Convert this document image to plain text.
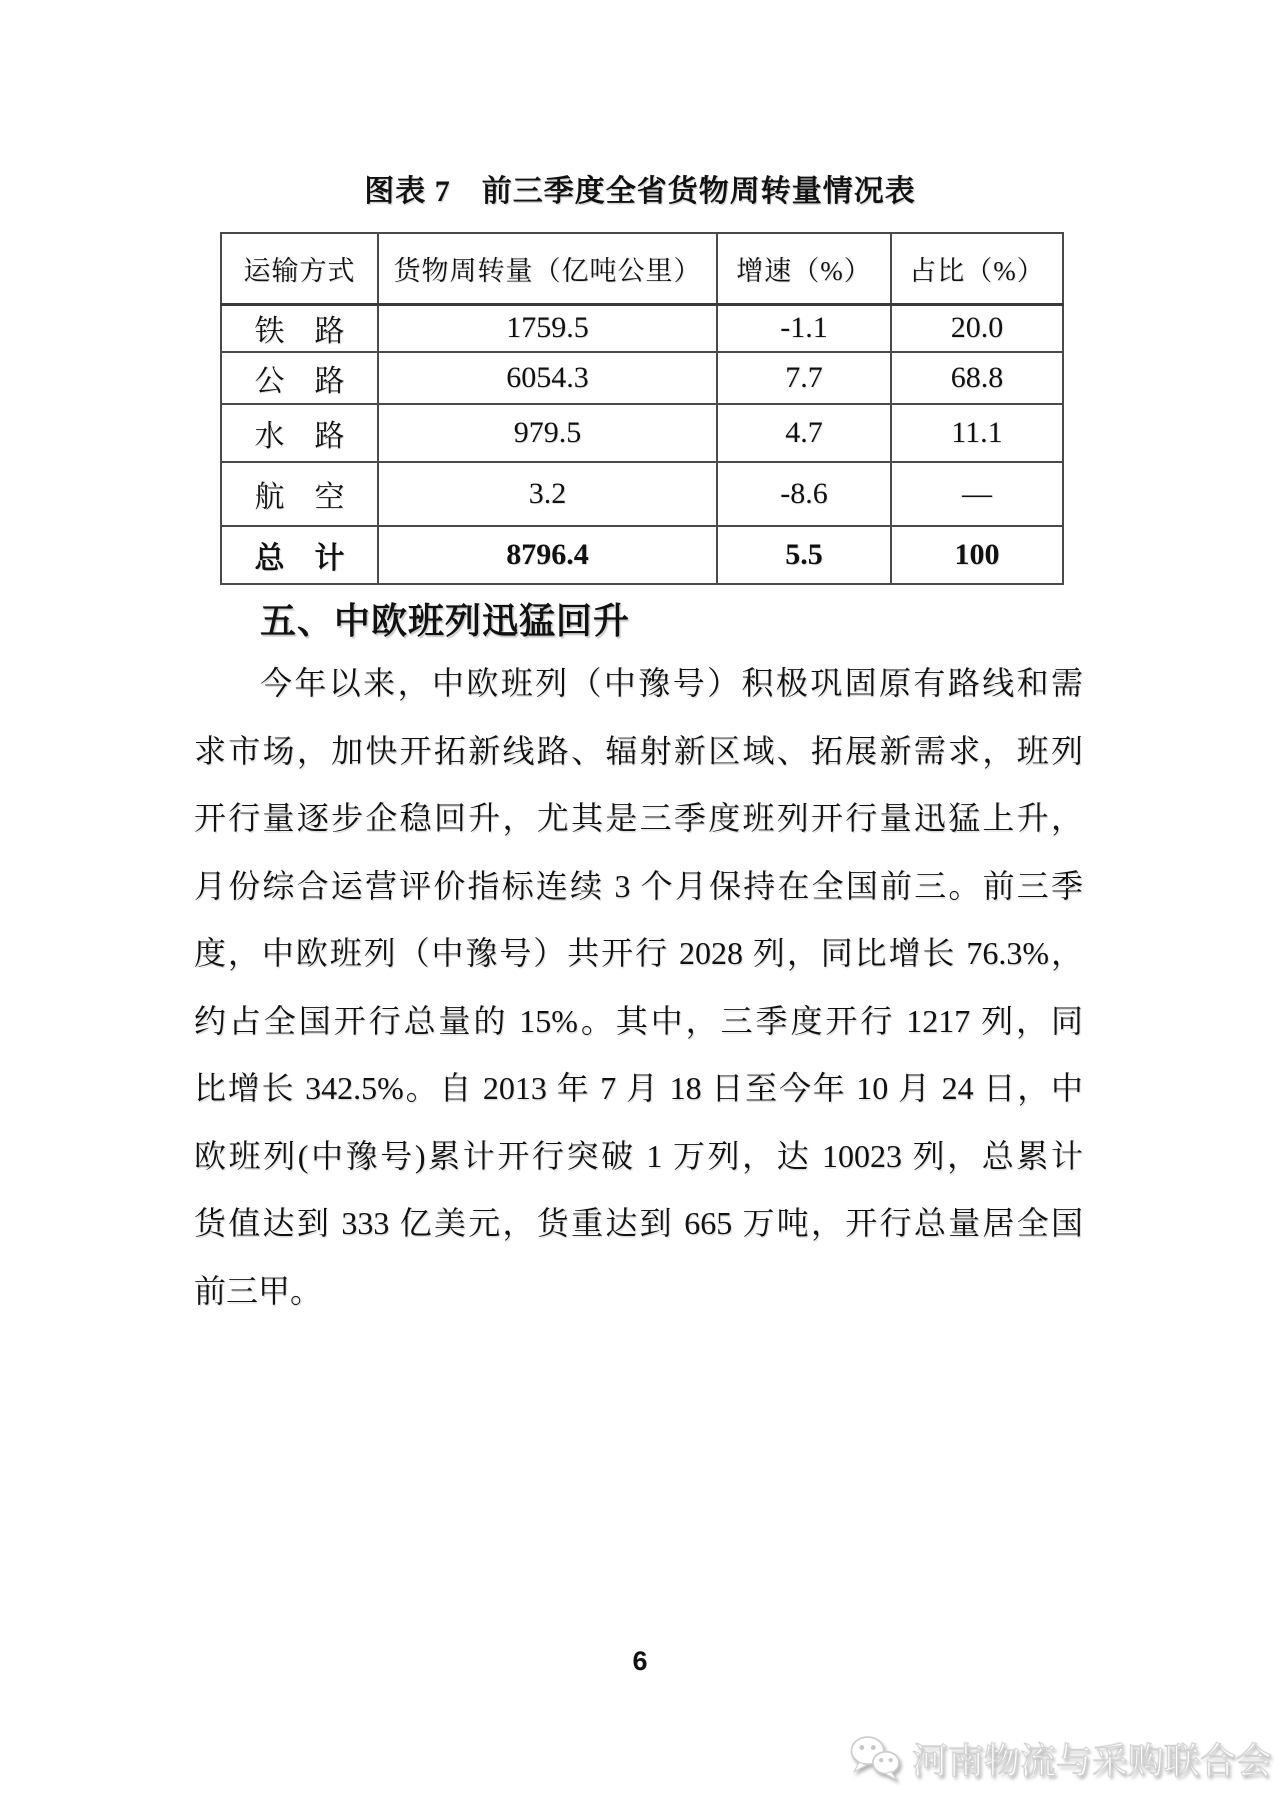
图表 7　前三季度全省货物周转量情况表
运输方式	货物周转量（亿吨公里）	增速（%）	占比（%）
铁　路	1759.5	-1.1	20.0
公　路	6054.3	7.7	68.8
水　路	979.5	4.7	11.1
航　空	3.2	-8.6	—
总　计	8796.4	5.5	100
五、中欧班列迅猛回升
今年以来，中欧班列（中豫号）积极巩固原有路线和需
求市场，加快开拓新线路、辐射新区域、拓展新需求，班列
开行量逐步企稳回升，尤其是三季度班列开行量迅猛上升，
月份综合运营评价指标连续 3 个月保持在全国前三。前三季
度，中欧班列（中豫号）共开行 2028 列，同比增长 76.3%，
约占全国开行总量的 15%。其中，三季度开行 1217 列，同
比增长 342.5%。自 2013 年 7 月 18 日至今年 10 月 24 日，中
欧班列(中豫号)累计开行突破 1 万列，达 10023 列，总累计
货值达到 333 亿美元，货重达到 665 万吨，开行总量居全国
前三甲。
6
河南物流与采购联合会
